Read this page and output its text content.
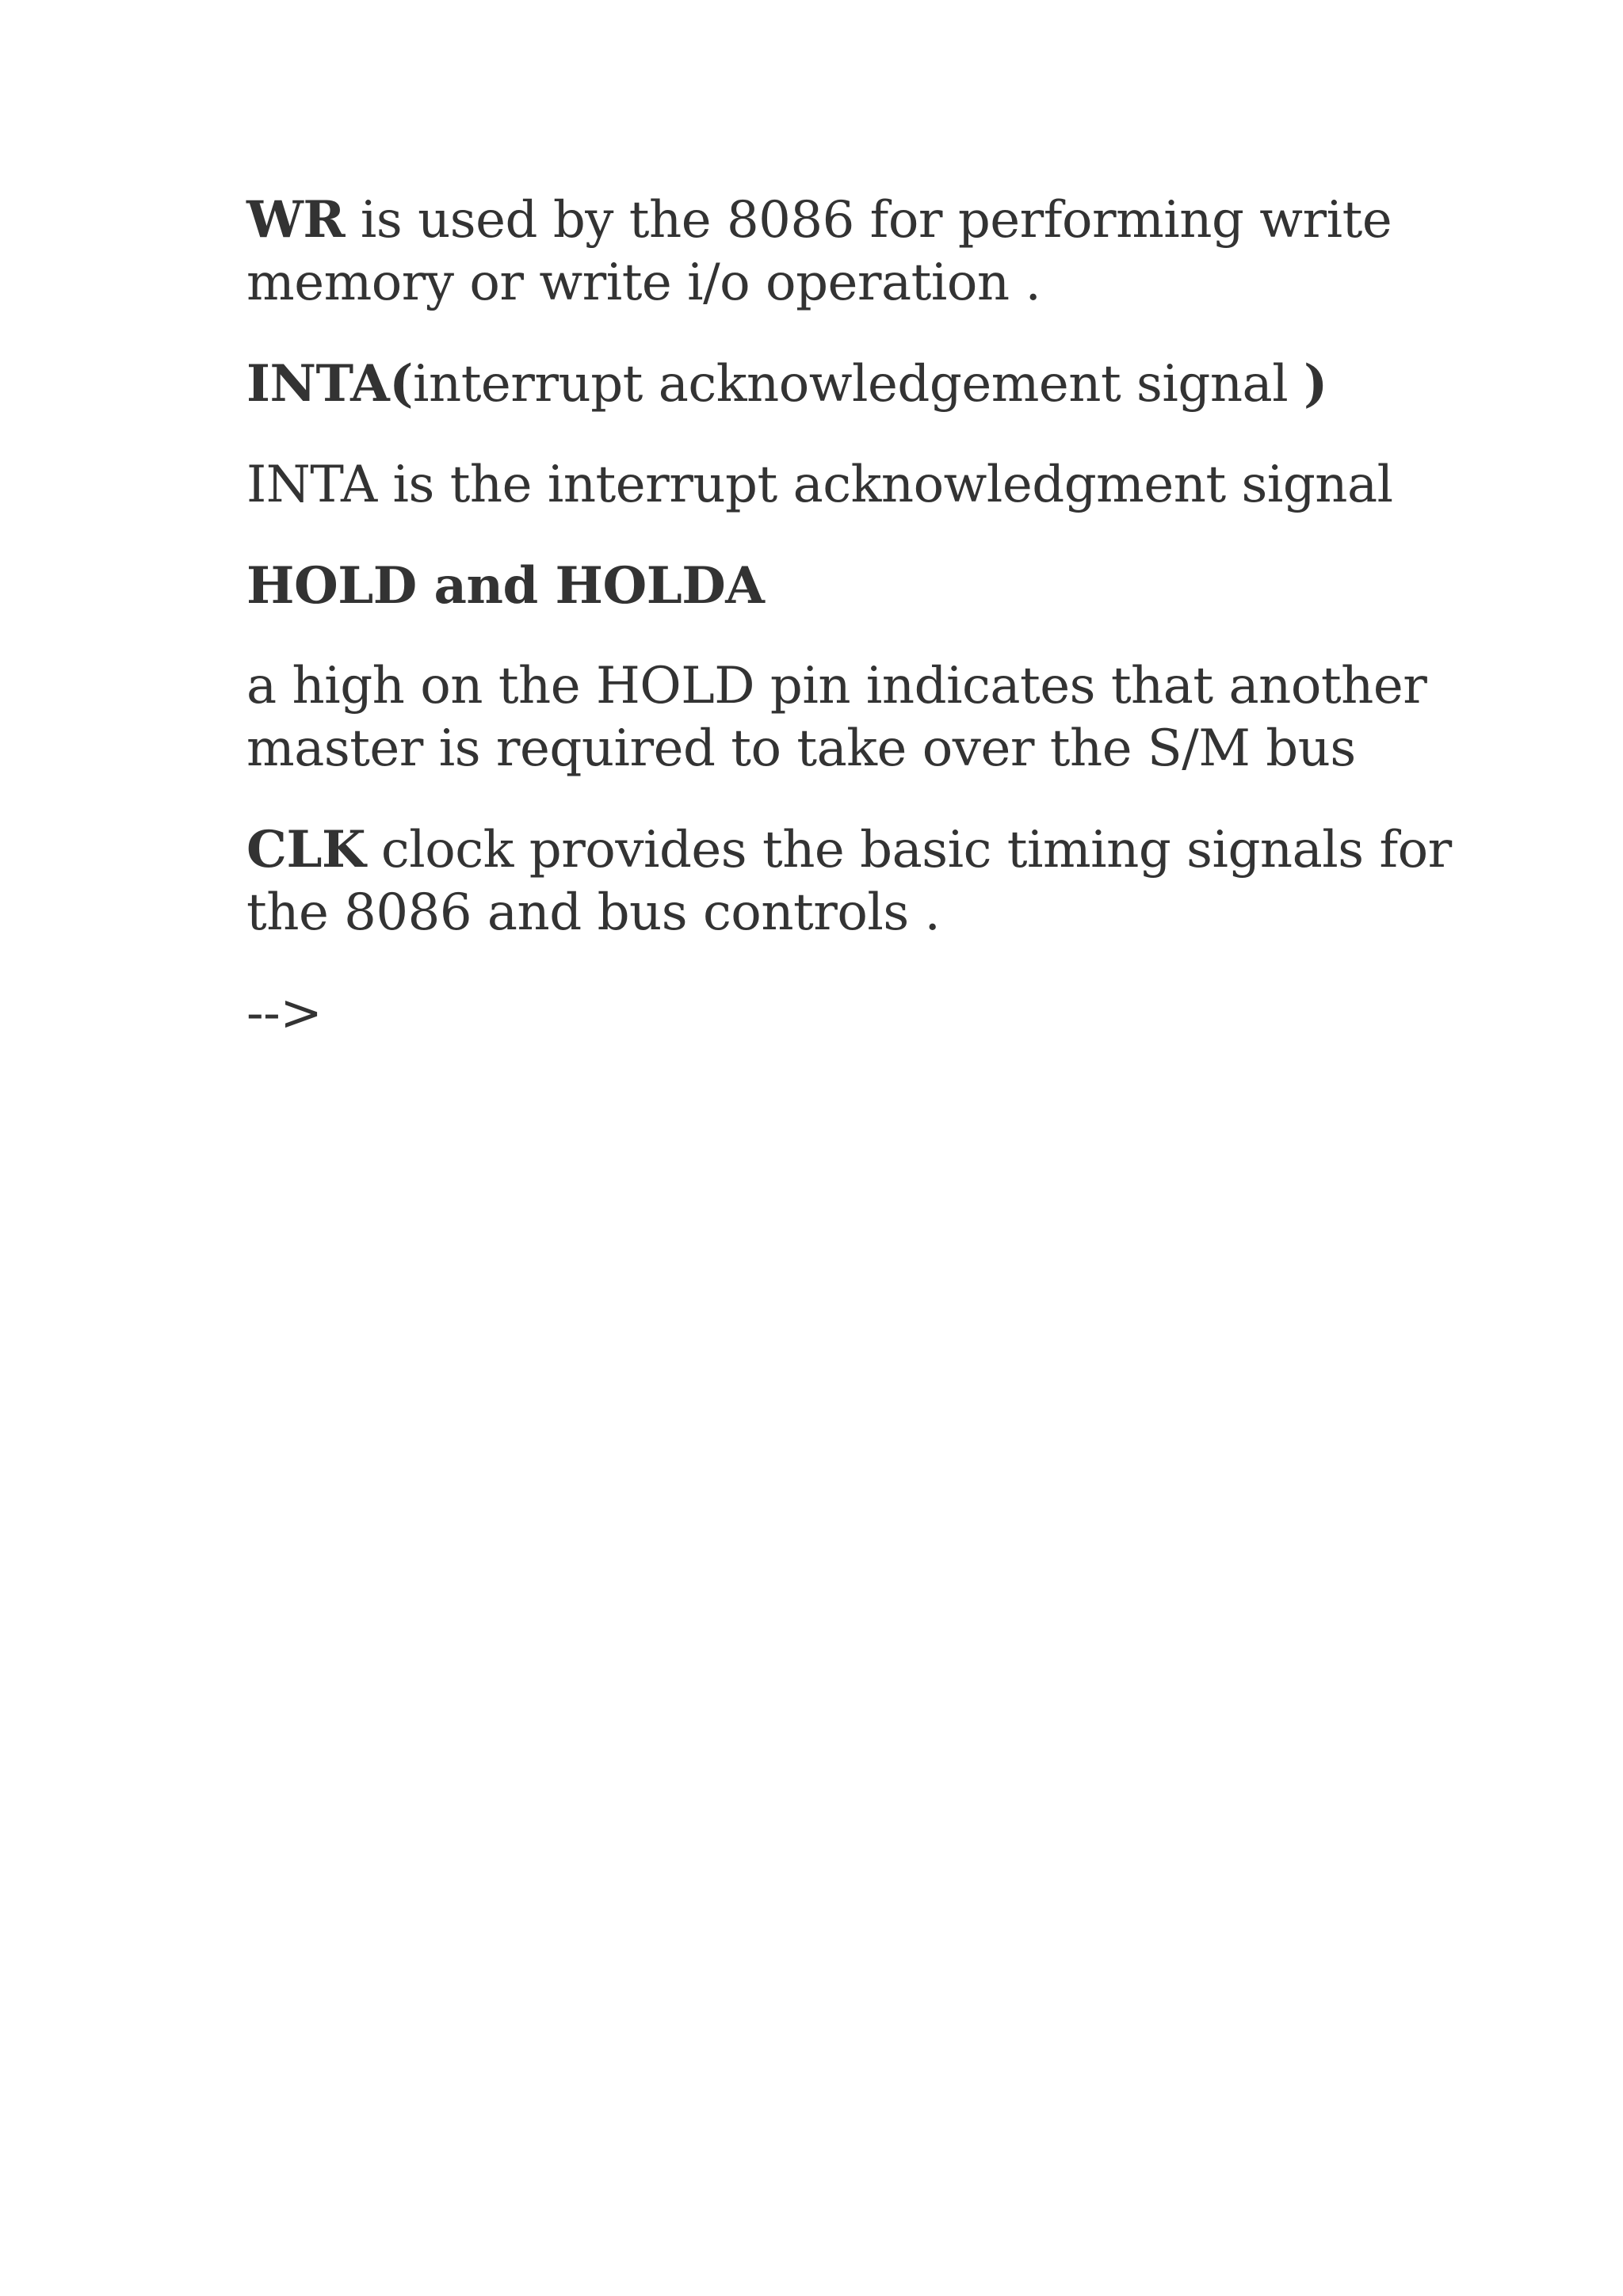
WR is used by the 8086 for performing write memory or write i/o operation .

INTA(interrupt acknowledgement signal )

INTA is the interrupt acknowledgment signal

HOLD and HOLDA

a high on the HOLD pin indicates that another master is required to take over the S/M bus

CLK clock provides the basic timing signals for the 8086 and bus controls .

-->
